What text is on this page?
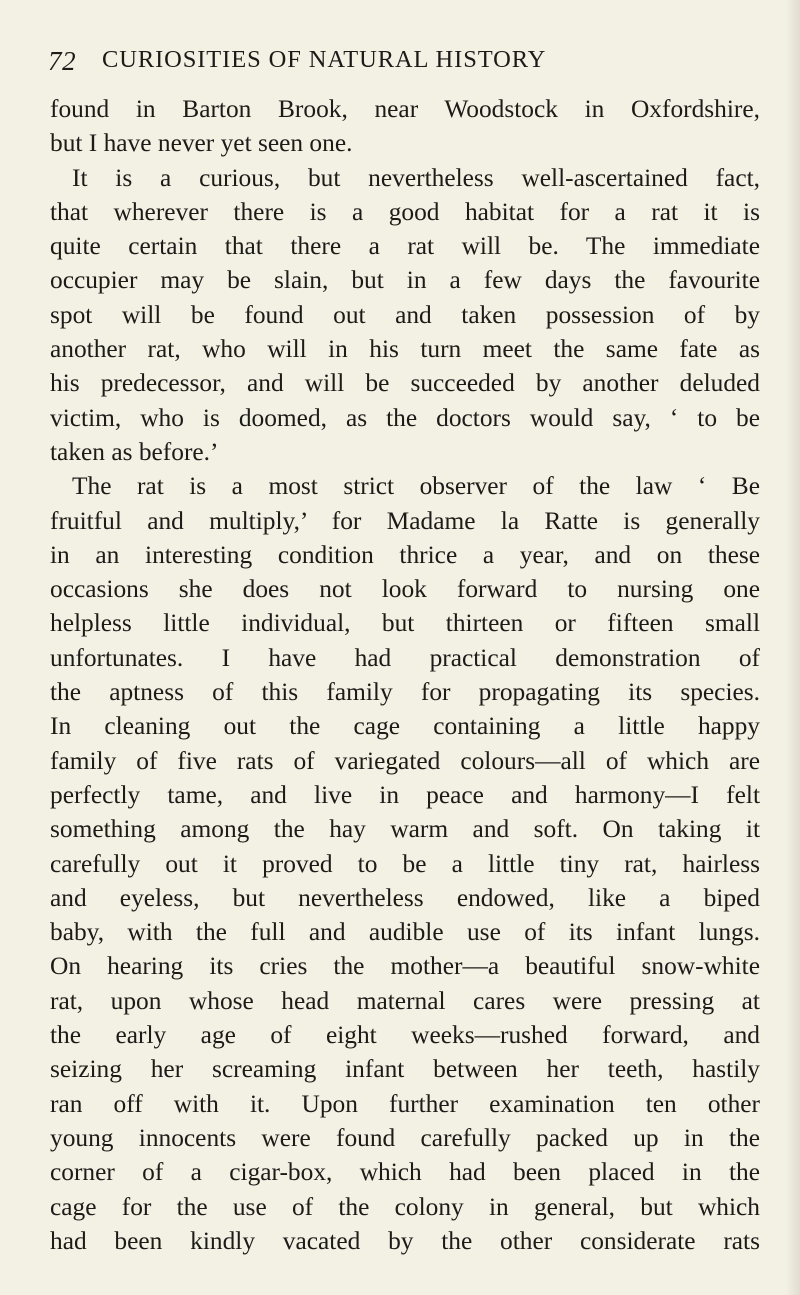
72 CURIOSITIES OF NATURAL HISTORY
found in Barton Brook, near Woodstock in Oxfordshire,
but I have never yet seen one.
It is a curious, but nevertheless well-ascertained fact,
that wherever there is a good habitat for a rat it is
quite certain that there a rat will be. The immediate
occupier may be slain, but in a few days the favourite
spot will be found out and taken possession of by
another rat, who will in his turn meet the same fate as
his predecessor, and will be succeeded by another deluded
victim, who is doomed, as the doctors would say, ‘ to be
taken as before.’
The rat is a most strict observer of the law ‘ Be
fruitful and multiply,’ for Madame la Ratte is generally
in an interesting condition thrice a year, and on these
occasions she does not look forward to nursing one
helpless little individual, but thirteen or fifteen small
unfortunates. I have had practical demonstration of
the aptness of this family for propagating its species.
In cleaning out the cage containing a little happy
family of five rats of variegated colours—all of which are
perfectly tame, and live in peace and harmony—I felt
something among the hay warm and soft. On taking it
carefully out it proved to be a little tiny rat, hairless
and eyeless, but nevertheless endowed, like a biped
baby, with the full and audible use of its infant lungs.
On hearing its cries the mother—a beautiful snow-white
rat, upon whose head maternal cares were pressing at
the early age of eight weeks—rushed forward, and
seizing her screaming infant between her teeth, hastily
ran off with it. Upon further examination ten other
young innocents were found carefully packed up in the
corner of a cigar-box, which had been placed in the
cage for the use of the colony in general, but which
had been kindly vacated by the other considerate rats
